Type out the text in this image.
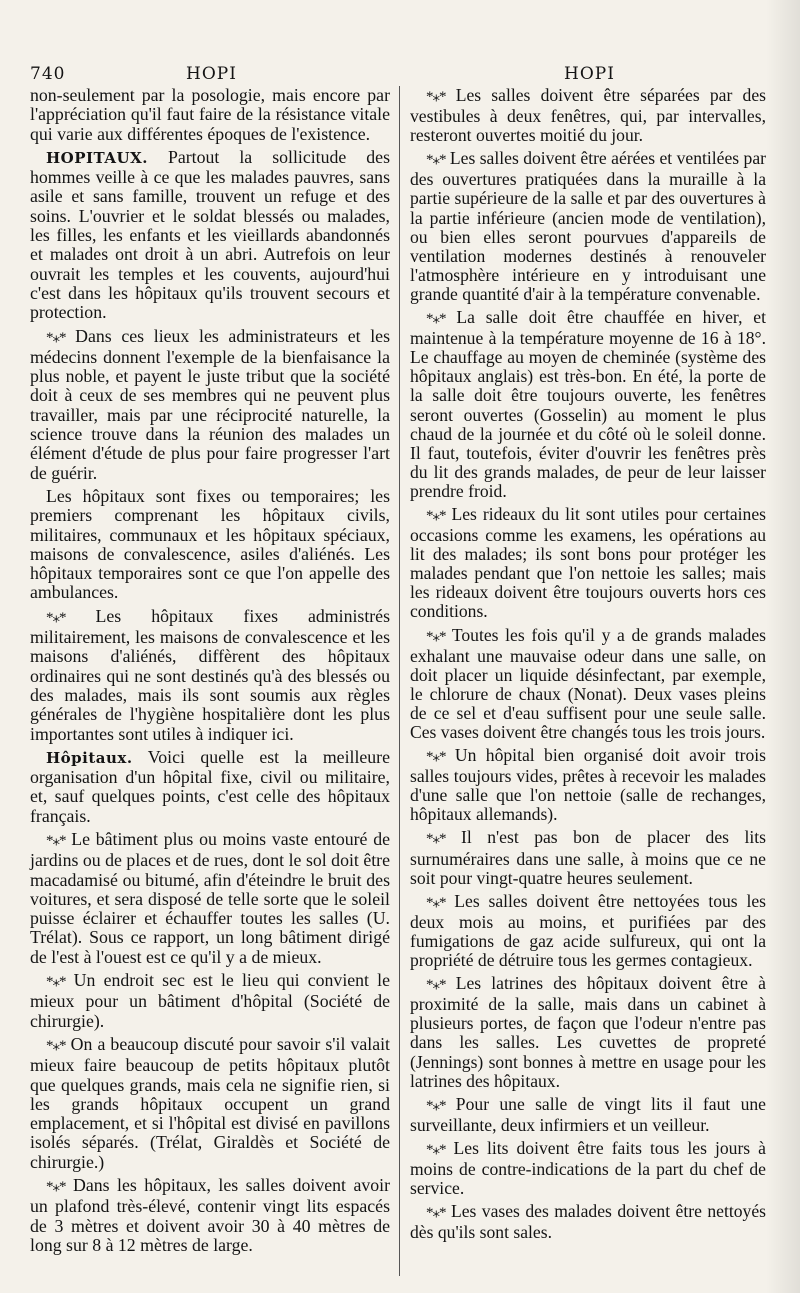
740	HOPI	HOPI

non-seulement par la posologie, mais encore par l'appréciation qu'il faut faire de la résistance vitale qui varie aux différentes époques de l'existence.

HOPITAUX. Partout la sollicitude des hommes veille à ce que les malades pauvres, sans asile et sans famille, trouvent un refuge et des soins. L'ouvrier et le soldat blessés ou malades, les filles, les enfants et les vieillards abandonnés et malades ont droit à un abri. Autrefois on leur ouvrait les temples et les couvents, aujourd'hui c'est dans les hôpitaux qu'ils trouvent secours et protection.

*⁎* Dans ces lieux les administrateurs et les médecins donnent l'exemple de la bienfaisance la plus noble, et payent le juste tribut que la société doit à ceux de ses membres qui ne peuvent plus travailler, mais par une réciprocité naturelle, la science trouve dans la réunion des malades un élément d'étude de plus pour faire progresser l'art de guérir.

Les hôpitaux sont fixes ou temporaires; les premiers comprenant les hôpitaux civils, militaires, communaux et les hôpitaux spéciaux, maisons de convalescence, asiles d'aliénés. Les hôpitaux temporaires sont ce que l'on appelle des ambulances.

*⁎* Les hôpitaux fixes administrés militairement, les maisons de convalescence et les maisons d'aliénés, diffèrent des hôpitaux ordinaires qui ne sont destinés qu'à des blessés ou des malades, mais ils sont soumis aux règles générales de l'hygiène hospitalière dont les plus importantes sont utiles à indiquer ici.

Hôpitaux. Voici quelle est la meilleure organisation d'un hôpital fixe, civil ou militaire, et, sauf quelques points, c'est celle des hôpitaux français.

*⁎* Le bâtiment plus ou moins vaste entouré de jardins ou de places et de rues, dont le sol doit être macadamisé ou bitumé, afin d'éteindre le bruit des voitures, et sera disposé de telle sorte que le soleil puisse éclairer et échauffer toutes les salles (U. Trélat). Sous ce rapport, un long bâtiment dirigé de l'est à l'ouest est ce qu'il y a de mieux.

*⁎* Un endroit sec est le lieu qui convient le mieux pour un bâtiment d'hôpital (Société de chirurgie).

*⁎* On a beaucoup discuté pour savoir s'il valait mieux faire beaucoup de petits hôpitaux plutôt que quelques grands, mais cela ne signifie rien, si les grands hôpitaux occupent un grand emplacement, et si l'hôpital est divisé en pavillons isolés séparés. (Trélat, Giraldès et Société de chirurgie.)

*⁎* Dans les hôpitaux, les salles doivent avoir un plafond très-élevé, contenir vingt lits espacés de 3 mètres et doivent avoir 30 à 40 mètres de long sur 8 à 12 mètres de large.

*⁎* Les salles doivent être séparées par des vestibules à deux fenêtres, qui, par intervalles, resteront ouvertes moitié du jour.

*⁎* Les salles doivent être aérées et ventilées par des ouvertures pratiquées dans la muraille à la partie supérieure de la salle et par des ouvertures à la partie inférieure (ancien mode de ventilation), ou bien elles seront pourvues d'appareils de ventilation modernes destinés à renouveler l'atmosphère intérieure en y introduisant une grande quantité d'air à la température convenable.

*⁎* La salle doit être chauffée en hiver, et maintenue à la température moyenne de 16 à 18°. Le chauffage au moyen de cheminée (système des hôpitaux anglais) est très-bon. En été, la porte de la salle doit être toujours ouverte, les fenêtres seront ouvertes (Gosselin) au moment le plus chaud de la journée et du côté où le soleil donne. Il faut, toutefois, éviter d'ouvrir les fenêtres près du lit des grands malades, de peur de leur laisser prendre froid.

*⁎* Les rideaux du lit sont utiles pour certaines occasions comme les examens, les opérations au lit des malades; ils sont bons pour protéger les malades pendant que l'on nettoie les salles; mais les rideaux doivent être toujours ouverts hors ces conditions.

*⁎* Toutes les fois qu'il y a de grands malades exhalant une mauvaise odeur dans une salle, on doit placer un liquide désinfectant, par exemple, le chlorure de chaux (Nonat). Deux vases pleins de ce sel et d'eau suffisent pour une seule salle. Ces vases doivent être changés tous les trois jours.

*⁎* Un hôpital bien organisé doit avoir trois salles toujours vides, prêtes à recevoir les malades d'une salle que l'on nettoie (salle de rechanges, hôpitaux allemands).

*⁎* Il n'est pas bon de placer des lits surnuméraires dans une salle, à moins que ce ne soit pour vingt-quatre heures seulement.

*⁎* Les salles doivent être nettoyées tous les deux mois au moins, et purifiées par des fumigations de gaz acide sulfureux, qui ont la propriété de détruire tous les germes contagieux.

*⁎* Les latrines des hôpitaux doivent être à proximité de la salle, mais dans un cabinet à plusieurs portes, de façon que l'odeur n'entre pas dans les salles. Les cuvettes de propreté (Jennings) sont bonnes à mettre en usage pour les latrines des hôpitaux.

*⁎* Pour une salle de vingt lits il faut une surveillante, deux infirmiers et un veilleur.

*⁎* Les lits doivent être faits tous les jours à moins de contre-indications de la part du chef de service.

*⁎* Les vases des malades doivent être nettoyés dès qu'ils sont sales.
